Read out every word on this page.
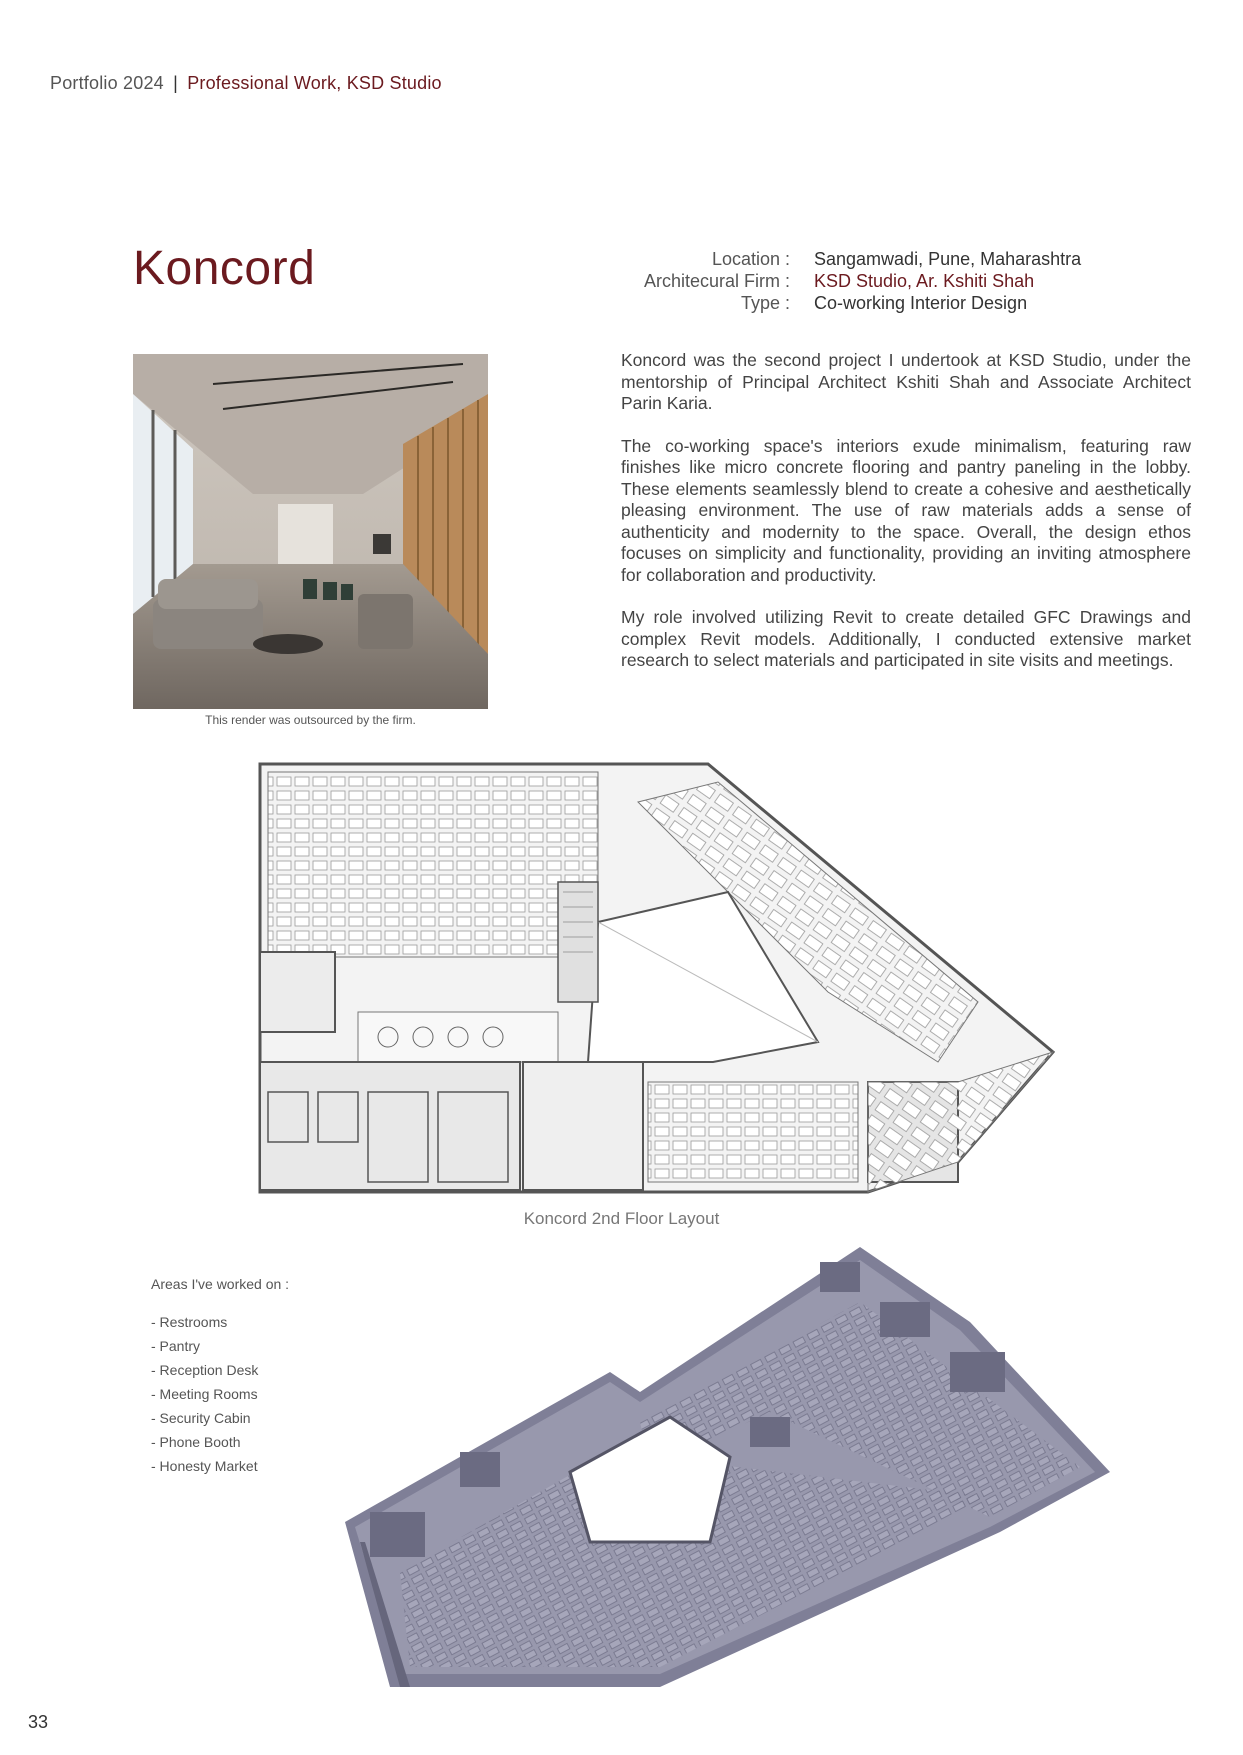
Portfolio 2024 | Professional Work, KSD Studio
Koncord	Location :
Architecural Firm :
Type :
Sangamwadi, Pune, Maharashtra
KSD Studio, Ar. Kshiti Shah
Co-working Interior Design
This render was outsourced by the firm.

Koncord was the second project I undertook at KSD Studio, under the mentorship of Principal Architect Kshiti Shah and Associate Architect Parin Karia.

The co-working space's interiors exude minimalism, featuring raw finishes like micro concrete flooring and pantry paneling in the lobby. These elements seamlessly blend to create a cohesive and aesthetically pleasing environment. The use of raw materials adds a sense of authenticity and modernity to the space. Overall, the design ethos focuses on simplicity and functionality, providing an inviting atmosphere for collaboration and productivity.

My role involved utilizing Revit to create detailed GFC Drawings and complex Revit models. Additionally, I conducted extensive market research to select materials and participated in site visits and meetings.

Koncord 2nd Floor Layout
Areas I've worked on :
- Restrooms
- Pantry
- Reception Desk
- Meeting Rooms
- Security Cabin
- Phone Booth
- Honesty Market
33
